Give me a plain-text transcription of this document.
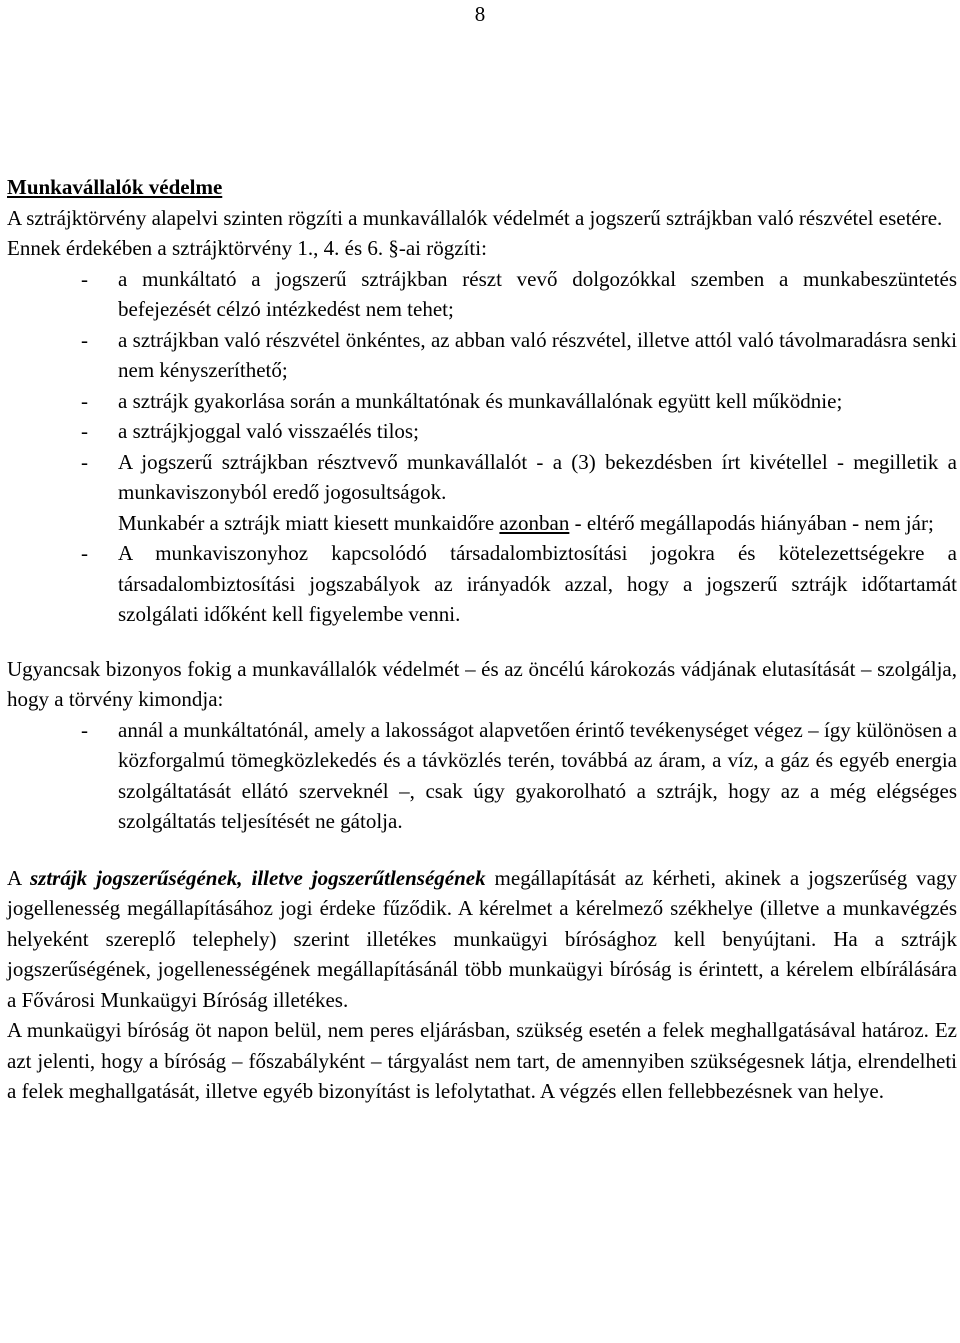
8
Munkavállalók védelme

A sztrájktörvény alapelvi szinten rögzíti a munkavállalók védelmét a jogszerű sztrájkban való részvétel esetére.

Ennek érdekében a sztrájktörvény 1., 4. és 6. §-ai rögzíti:

- a munkáltató a jogszerű sztrájkban részt vevő dolgozókkal szemben a munkabeszüntetés befejezését célzó intézkedést nem tehet;
- a sztrájkban való részvétel önkéntes, az abban való részvétel, illetve attól való távolmaradásra senki nem kényszeríthető;
- a sztrájk gyakorlása során a munkáltatónak és munkavállalónak együtt kell működnie;
- a sztrájkjoggal való visszaélés tilos;
- A jogszerű sztrájkban résztvevő munkavállalót - a (3) bekezdésben írt kivétellel - megilletik a munkaviszonyból eredő jogosultságok.
Munkabér a sztrájk miatt kiesett munkaidőre azonban - eltérő megállapodás hiányában - nem jár;
- A munkaviszonyhoz kapcsolódó társadalombiztosítási jogokra és kötelezettségekre a társadalombiztosítási jogszabályok az irányadók azzal, hogy a jogszerű sztrájk időtartamát szolgálati időként kell figyelembe venni.

Ugyancsak bizonyos fokig a munkavállalók védelmét – és az öncélú károkozás vádjának elutasítását – szolgálja, hogy a törvény kimondja:

- annál a munkáltatónál, amely a lakosságot alapvetően érintő tevékenységet végez – így különösen a közforgalmú tömegközlekedés és a távközlés terén, továbbá az áram, a víz, a gáz és egyéb energia szolgáltatását ellátó szerveknél –, csak úgy gyakorolható a sztrájk, hogy az a még elégséges szolgáltatás teljesítését ne gátolja.

A sztrájk jogszerűségének, illetve jogszerűtlenségének megállapítását az kérheti, akinek a jogszerűség vagy jogellenesség megállapításához jogi érdeke fűződik. A kérelmet a kérelmező székhelye (illetve a munkavégzés helyeként szereplő telephely) szerint illetékes munkaügyi bírósághoz kell benyújtani. Ha a sztrájk jogszerűségének, jogellenességének megállapításánál több munkaügyi bíróság is érintett, a kérelem elbírálására a Fővárosi Munkaügyi Bíróság illetékes.

A munkaügyi bíróság öt napon belül, nem peres eljárásban, szükség esetén a felek meghallgatásával határoz. Ez azt jelenti, hogy a bíróság – főszabályként – tárgyalást nem tart, de amennyiben szükségesnek látja, elrendelheti a felek meghallgatását, illetve egyéb bizonyítást is lefolytathat. A végzés ellen fellebbezésnek van helye.
